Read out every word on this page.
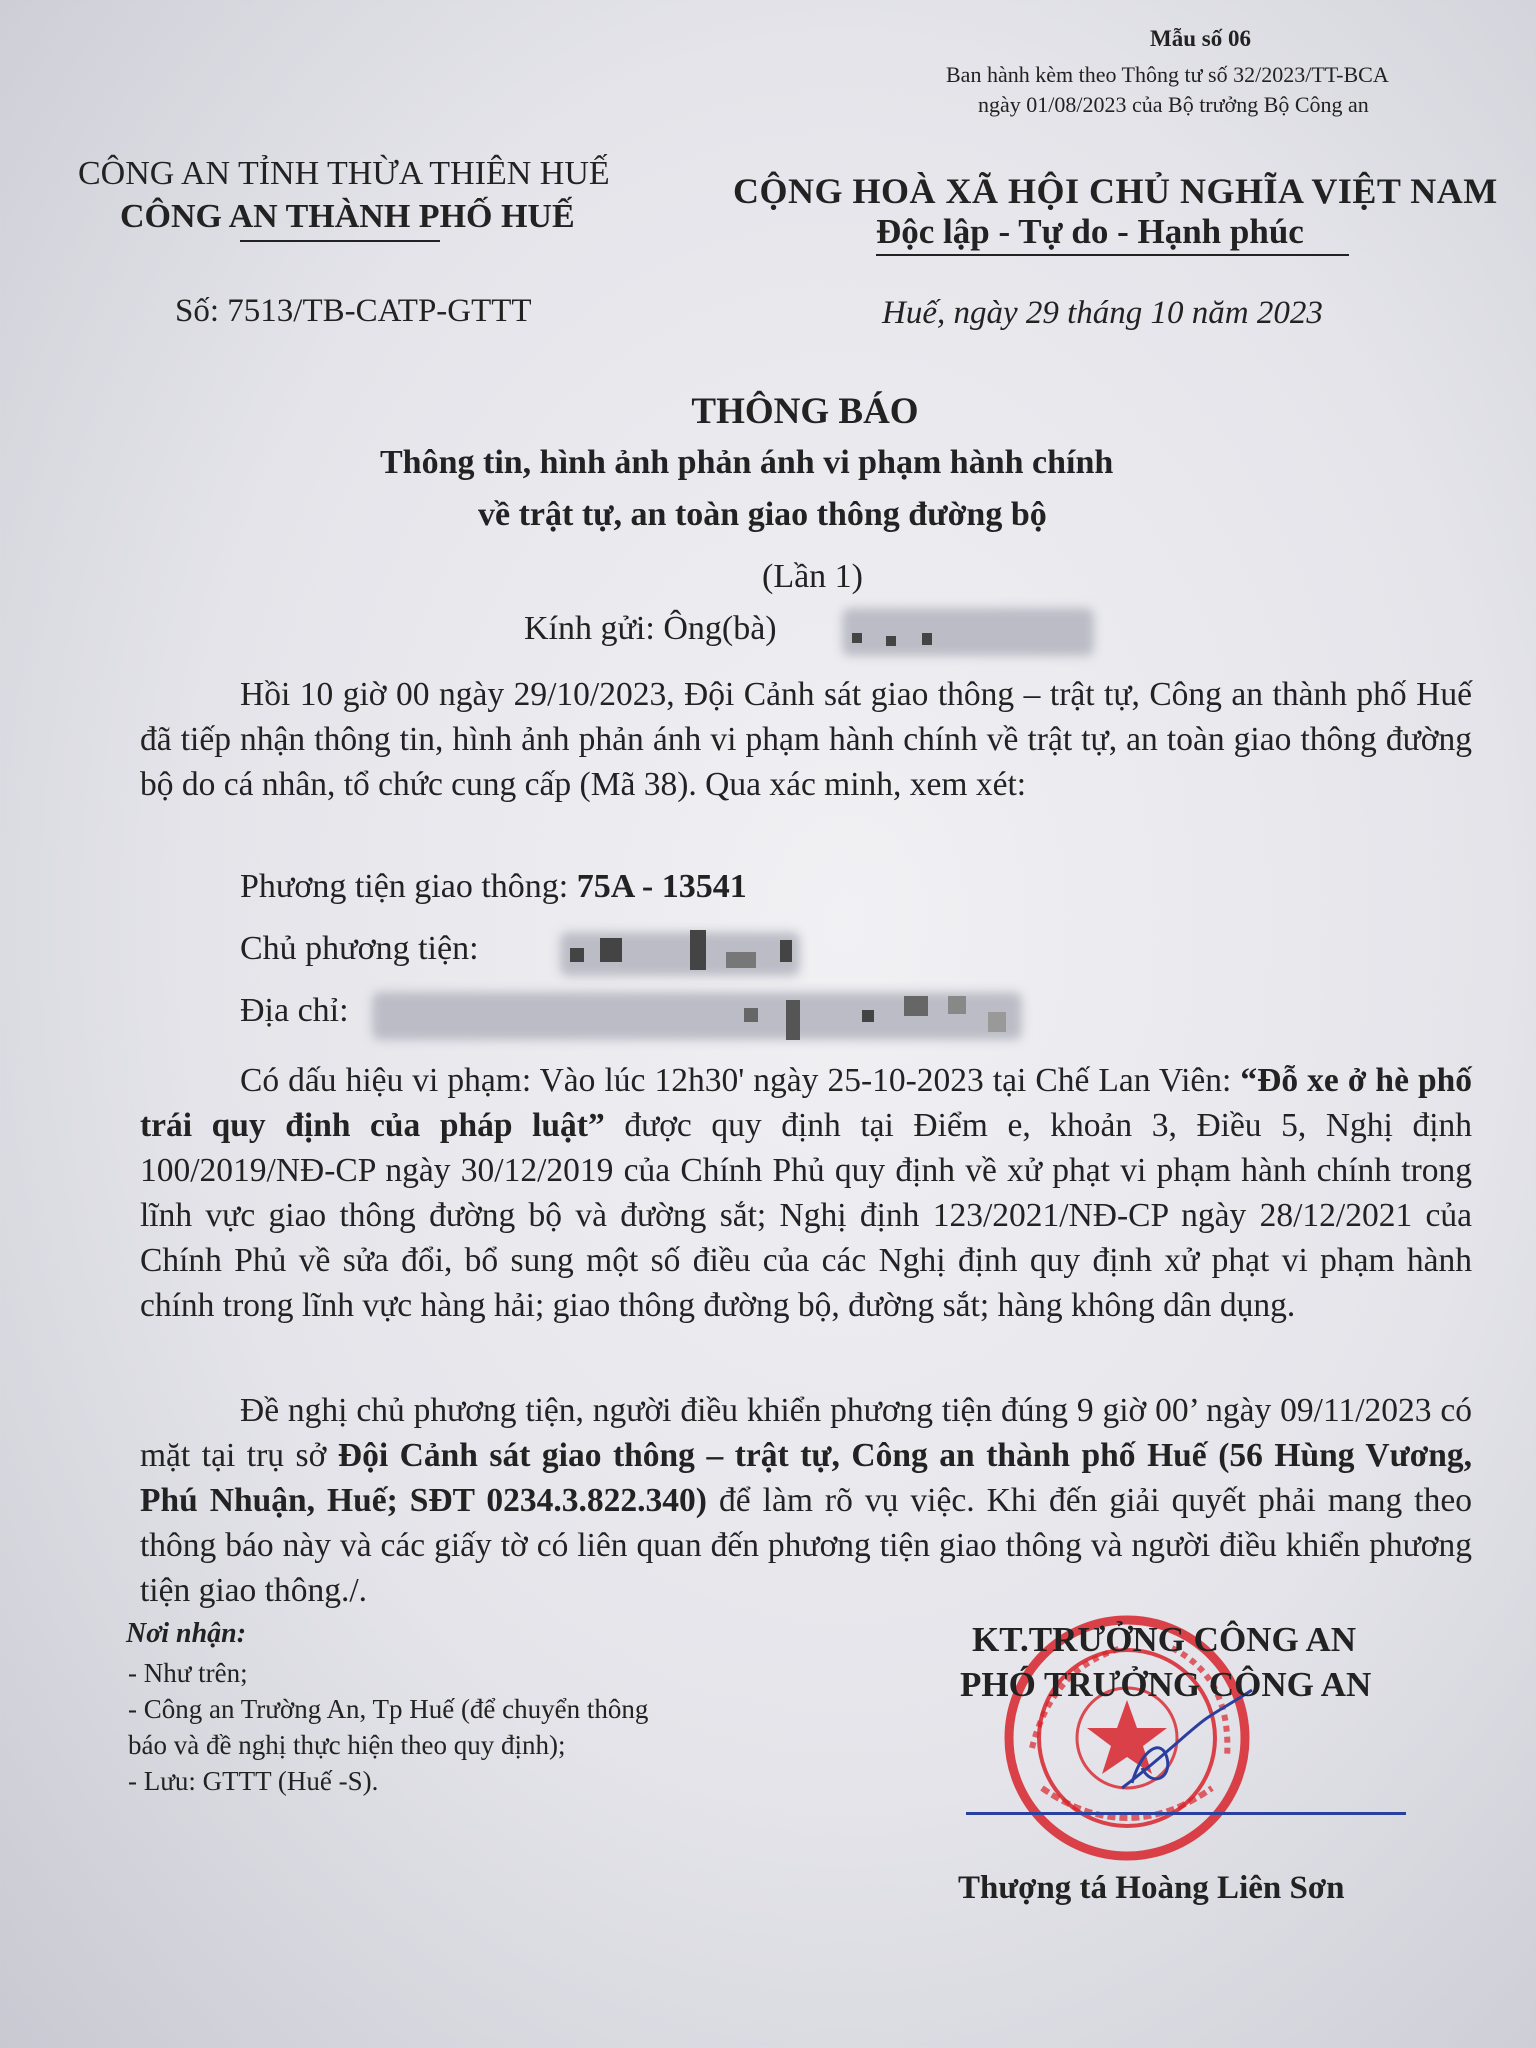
Mẫu số 06
Ban hành kèm theo Thông tư số 32/2023/TT-BCA
ngày 01/08/2023 của Bộ trưởng Bộ Công an
CÔNG AN TỈNH THỪA THIÊN HUẾ
CÔNG AN THÀNH PHỐ HUẾ
CỘNG HOÀ XÃ HỘI CHỦ NGHĨA VIỆT NAM
Độc lập - Tự do - Hạnh phúc
Số: 7513/TB-CATP-GTTT	Huế, ngày 29 tháng 10 năm 2023
THÔNG BÁO
Thông tin, hình ảnh phản ánh vi phạm hành chính
về trật tự, an toàn giao thông đường bộ
(Lần 1)
Kính gửi: Ông(bà)
Hồi 10 giờ 00 ngày 29/10/2023, Đội Cảnh sát giao thông – trật tự, Công an thành phố Huế đã tiếp nhận thông tin, hình ảnh phản ánh vi phạm hành chính về trật tự, an toàn giao thông đường bộ do cá nhân, tổ chức cung cấp (Mã 38). Qua xác minh, xem xét:
Phương tiện giao thông: 75A - 13541
Chủ phương tiện:
Địa chỉ:
Có dấu hiệu vi phạm: Vào lúc 12h30' ngày 25-10-2023 tại Chế Lan Viên: “Đỗ xe ở hè phố trái quy định của pháp luật” được quy định tại Điểm e, khoản 3, Điều 5, Nghị định 100/2019/NĐ-CP ngày 30/12/2019 của Chính Phủ quy định về xử phạt vi phạm hành chính trong lĩnh vực giao thông đường bộ và đường sắt; Nghị định 123/2021/NĐ-CP ngày 28/12/2021 của Chính Phủ về sửa đổi, bổ sung một số điều của các Nghị định quy định xử phạt vi phạm hành chính trong lĩnh vực hàng hải; giao thông đường bộ, đường sắt; hàng không dân dụng.
Đề nghị chủ phương tiện, người điều khiển phương tiện đúng 9 giờ 00’ ngày 09/11/2023 có mặt tại trụ sở Đội Cảnh sát giao thông – trật tự, Công an thành phố Huế (56 Hùng Vương, Phú Nhuận, Huế; SĐT 0234.3.822.340) để làm rõ vụ việc. Khi đến giải quyết phải mang theo thông báo này và các giấy tờ có liên quan đến phương tiện giao thông và người điều khiển phương tiện giao thông./.
Nơi nhận:
- Như trên;
- Công an Trường An, Tp Huế (để chuyển thông
báo và đề nghị thực hiện theo quy định);
- Lưu: GTTT (Huế -S).
KT.TRƯỞNG CÔNG AN
PHÓ TRƯỞNG CÔNG AN
Thượng tá Hoàng Liên Sơn
